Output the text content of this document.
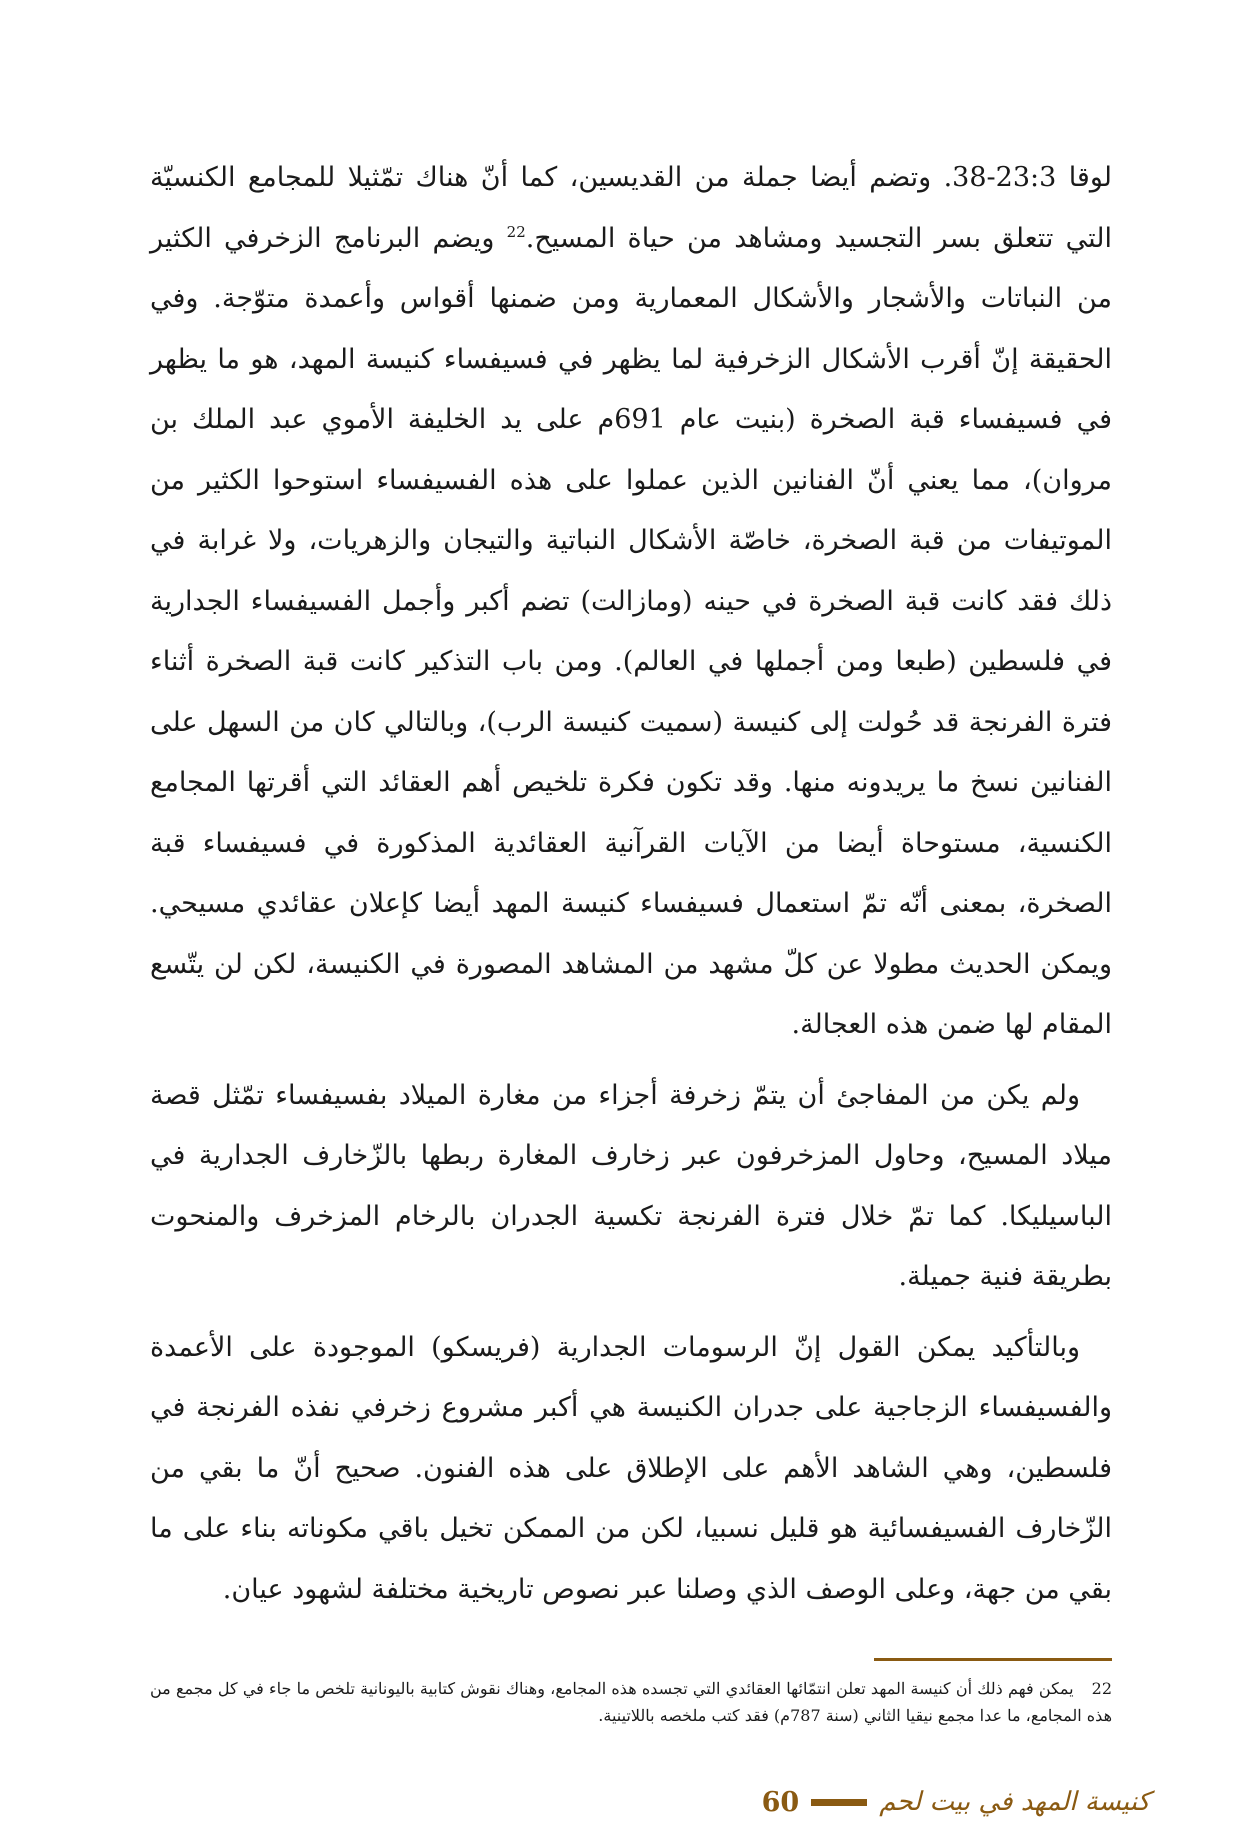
لوقا 23:3-38. وتضم أيضا جملة من القديسين، كما أنّ هناك تمّثيلا للمجامع الكنسيّة التي تتعلق بسر التجسيد ومشاهد من حياة المسيح.$^{22}$ ويضم البرنامج الزخرفي الكثير من النباتات والأشجار والأشكال المعمارية ومن ضمنها أقواس وأعمدة متوّجة. وفي الحقيقة إنّ أقرب الأشكال الزخرفية لما يظهر في فسيفساء كنيسة المهد، هو ما يظهر في فسيفساء قبة الصخرة (بنيت عام 691م على يد الخليفة الأموي عبد الملك بن مروان)، مما يعني أنّ الفنانين الذين عملوا على هذه الفسيفساء استوحوا الكثير من الموتيفات من قبة الصخرة، خاصّة الأشكال النباتية والتيجان والزهريات، ولا غرابة في ذلك فقد كانت قبة الصخرة في حينه (ومازالت) تضم أكبر وأجمل الفسيفساء الجدارية في فلسطين (طبعا ومن أجملها في العالم). ومن باب التذكير كانت قبة الصخرة أثناء فترة الفرنجة قد حُولت إلى كنيسة (سميت كنيسة الرب)، وبالتالي كان من السهل على الفنانين نسخ ما يريدونه منها. وقد تكون فكرة تلخيص أهم العقائد التي أقرتها المجامع الكنسية، مستوحاة أيضا من الآيات القرآنية العقائدية المذكورة في فسيفساء قبة الصخرة، بمعنى أنّه تمّ استعمال فسيفساء كنيسة المهد أيضا كإعلان عقائدي مسيحي. ويمكن الحديث مطولا عن كلّ مشهد من المشاهد المصورة في الكنيسة، لكن لن يتّسع المقام لها ضمن هذه العجالة.

ولم يكن من المفاجئ أن يتمّ زخرفة أجزاء من مغارة الميلاد بفسيفساء تمّثل قصة ميلاد المسيح، وحاول المزخرفون عبر زخارف المغارة ربطها بالزّخارف الجدارية في الباسيليكا. كما تمّ خلال فترة الفرنجة تكسية الجدران بالرخام المزخرف والمنحوت بطريقة فنية جميلة.

وبالتأكيد يمكن القول إنّ الرسومات الجدارية (فريسكو) الموجودة على الأعمدة والفسيفساء الزجاجية على جدران الكنيسة هي أكبر مشروع زخرفي نفذه الفرنجة في فلسطين، وهي الشاهد الأهم على الإطلاق على هذه الفنون. صحيح أنّ ما بقي من الزّخارف الفسيفسائية هو قليل نسبيا، لكن من الممكن تخيل باقي مكوناته بناء على ما بقي من جهة، وعلى الوصف الذي وصلنا عبر نصوص تاريخية مختلفة لشهود عيان.

22يمكن فهم ذلك أن كنيسة المهد تعلن انتمّائها العقائدي التي تجسده هذه المجامع، وهناك نقوش كتابية باليونانية تلخص ما جاء في كل مجمع من هذه المجامع، ما عدا مجمع نيقيا الثاني (سنة 787م) فقد كتب ملخصه باللاتينية.
كنيسة المهد في بيت لحم
60
